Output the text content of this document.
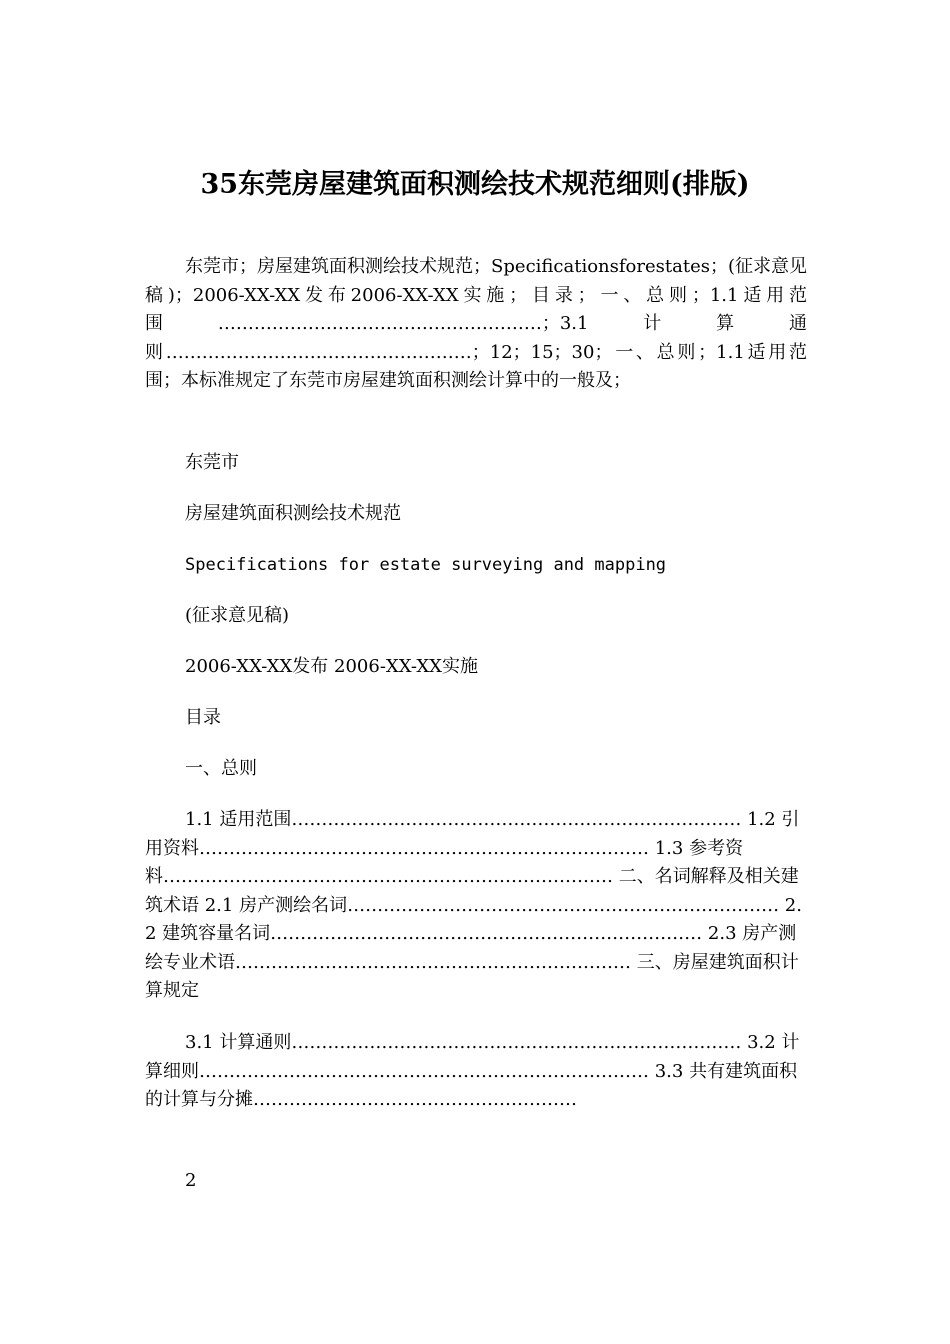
35东莞房屋建筑面积测绘技术规范细则(排版)

东莞市；房屋建筑面积测绘技术规范；Specificationsforestates；(征求意见稿)；2006-XX-XX发布2006-XX-XX实施；目录；一、总则；1.1适用范围………………………………………………；3.1计算通则……………………………………………；12；15；30；一、总则；1.1适用范围；本标准规定了东莞市房屋建筑面积测绘计算中的一般及；

东莞市

房屋建筑面积测绘技术规范

Specifications for estate surveying and mapping

(征求意见稿)

2006-XX-XX发布 2006-XX-XX实施

目录

一、总则

1.1 适用范围………………………………………………………………… 1.2 引用资料………………………………………………………………… 1.3 参考资料………………………………………………………………… 二、名词解释及相关建筑术语 2.1 房产测绘名词……………………………………………………………… 2.2 建筑容量名词……………………………………………………………… 2.3 房产测绘专业术语………………………………………………………… 三、房屋建筑面积计算规定

3.1 计算通则………………………………………………………………… 3.2 计算细则………………………………………………………………… 3.3 共有建筑面积的计算与分摊………………………………………………

2
